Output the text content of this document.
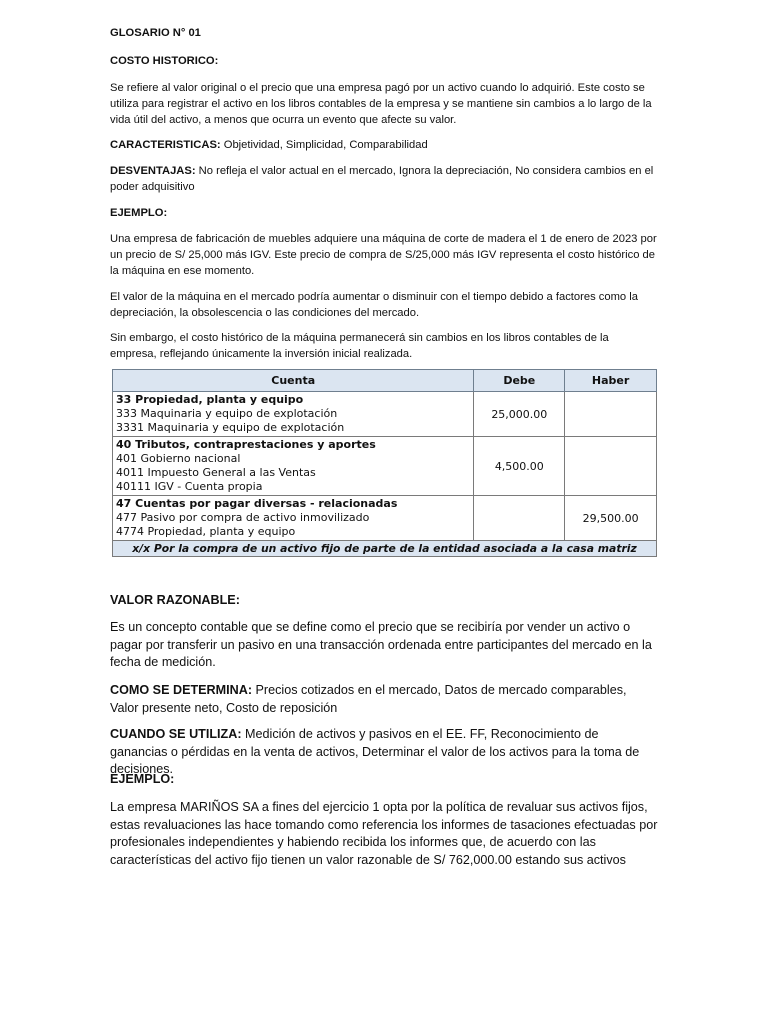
GLOSARIO N° 01

COSTO HISTORICO:

Se refiere al valor original o el precio que una empresa pagó por un activo cuando lo adquirió. Este costo se utiliza para registrar el activo en los libros contables de la empresa y se mantiene sin cambios a lo largo de la vida útil del activo, a menos que ocurra un evento que afecte su valor.

CARACTERISTICAS: Objetividad, Simplicidad, Comparabilidad

DESVENTAJAS: No refleja el valor actual en el mercado, Ignora la depreciación, No considera cambios en el poder adquisitivo

EJEMPLO:

Una empresa de fabricación de muebles adquiere una máquina de corte de madera el 1 de enero de 2023 por un precio de S/ 25,000 más IGV. Este precio de compra de S/25,000 más IGV representa el costo histórico de la máquina en ese momento.

El valor de la máquina en el mercado podría aumentar o disminuir con el tiempo debido a factores como la depreciación, la obsolescencia o las condiciones del mercado.

Sin embargo, el costo histórico de la máquina permanecerá sin cambios en los libros contables de la empresa, reflejando únicamente la inversión inicial realizada.

Cuenta	Debe	Haber

33 Propiedad, planta y equipo
333 Maquinaria y equipo de explotación
3331 Maquinaria y equipo de explotación	25,000.00	

40 Tributos, contraprestaciones y aportes
401 Gobierno nacional
4011 Impuesto General a las Ventas
40111 IGV - Cuenta propia	4,500.00	

47 Cuentas por pagar diversas - relacionadas
477 Pasivo por compra de activo inmovilizado
4774 Propiedad, planta y equipo		29,500.00
x/x Por la compra de un activo fijo de parte de la entidad asociada a la casa matriz		

VALOR RAZONABLE:

Es un concepto contable que se define como el precio que se recibiría por vender un activo o pagar por transferir un pasivo en una transacción ordenada entre participantes del mercado en la fecha de medición.

COMO SE DETERMINA: Precios cotizados en el mercado, Datos de mercado comparables, Valor presente neto, Costo de reposición

CUANDO SE UTILIZA: Medición de activos y pasivos en el EE. FF, Reconocimiento de ganancias o pérdidas en la venta de activos, Determinar el valor de los activos para la toma de decisiones.

EJEMPLO:

La empresa MARIÑOS SA a fines del ejercicio 1 opta por la política de revaluar sus activos fijos, estas revaluaciones las hace tomando como referencia los informes de tasaciones efectuadas por profesionales independientes y habiendo recibida los informes que, de acuerdo con las características del activo fijo tienen un valor razonable de S/ 762,000.00 estando sus activos
